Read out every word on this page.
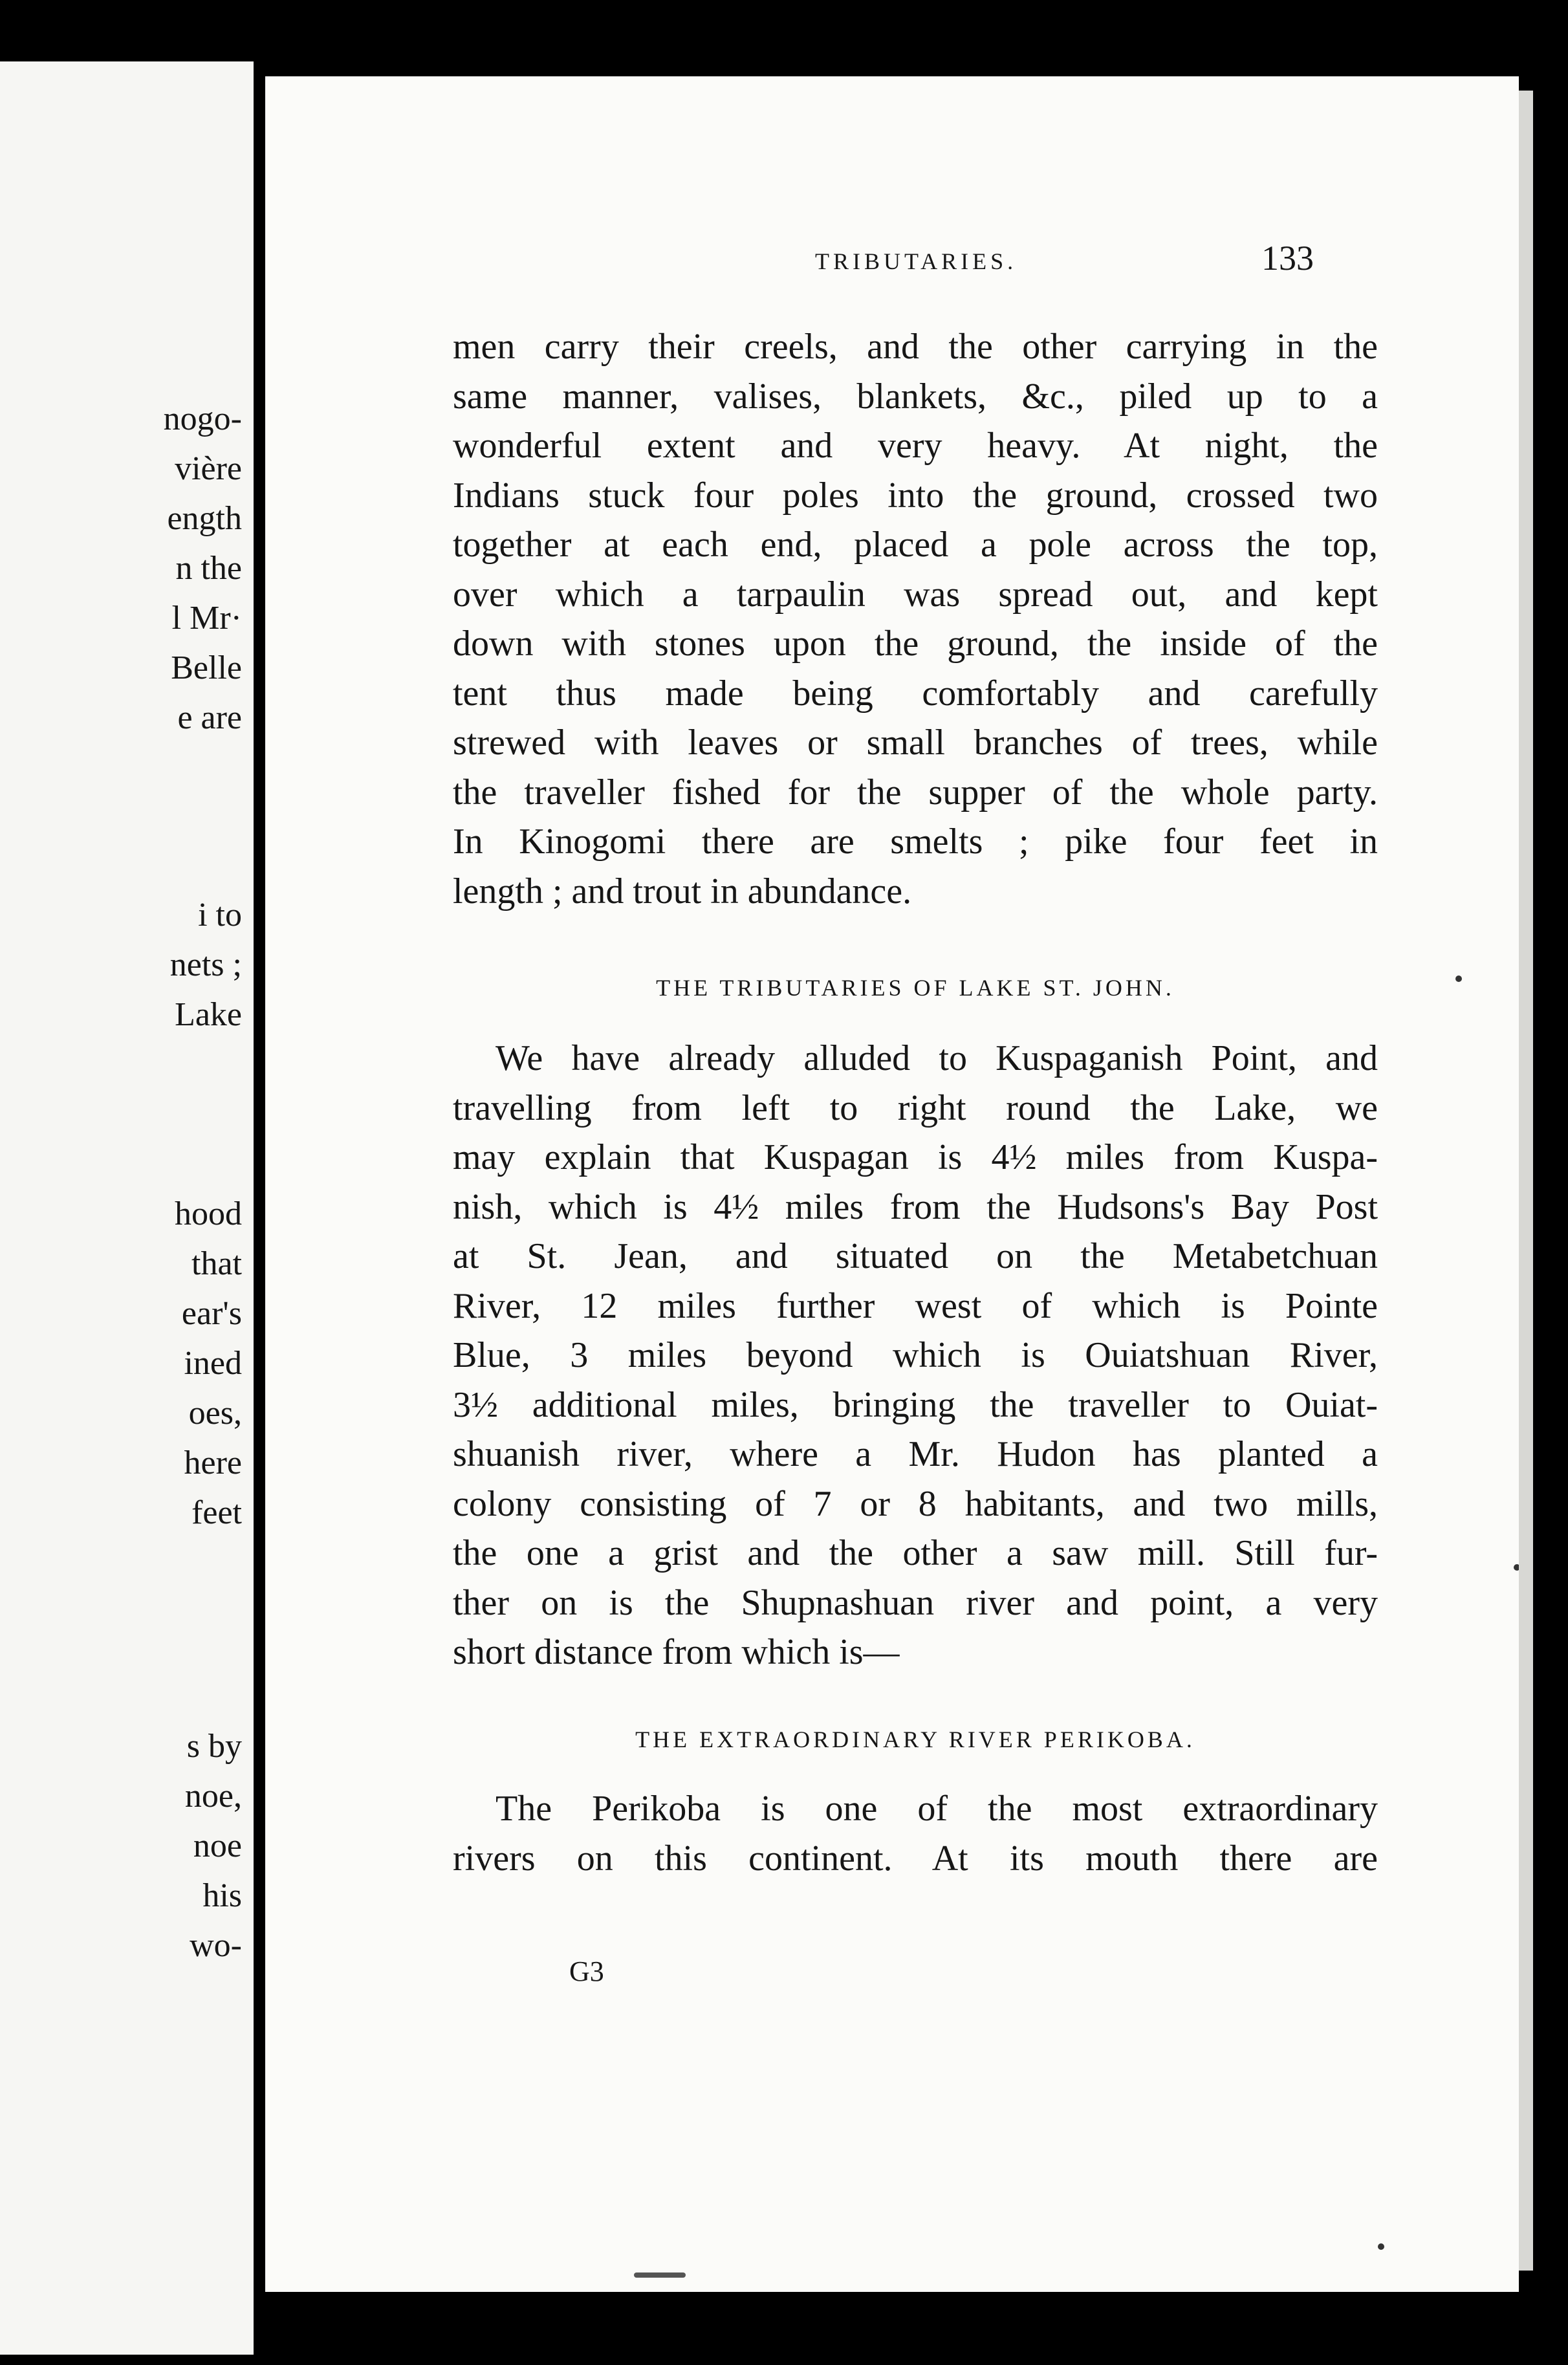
nogo-
vière
ength
n the
l Mr·
Belle
e are
i to
nets ;
Lake
hood
that
ear's
ined
oes,
here
feet
s by
noe,
noe
his
wo-
TRIBUTARIES.	133
men carry their creels, and the other carrying in the
same manner, valises, blankets, &c., piled up to a
wonderful extent and very heavy. At night, the
Indians stuck four poles into the ground, crossed two
together at each end, placed a pole across the top,
over which a tarpaulin was spread out, and kept
down with stones upon the ground, the inside of the
tent thus made being comfortably and carefully
strewed with leaves or small branches of trees, while
the traveller fished for the supper of the whole party.
In Kinogomi there are smelts ; pike four feet in
length ; and trout in abundance.
THE TRIBUTARIES OF LAKE ST. JOHN.
We have already alluded to Kuspaganish Point, and
travelling from left to right round the Lake, we
may explain that Kuspagan is 4½ miles from Kuspa-
nish, which is 4½ miles from the Hudsons's Bay Post
at St. Jean, and situated on the Metabetchuan
River, 12 miles further west of which is Pointe
Blue, 3 miles beyond which is Ouiatshuan River,
3½ additional miles, bringing the traveller to Ouiat-
shuanish river, where a Mr. Hudon has planted a
colony consisting of 7 or 8 habitants, and two mills,
the one a grist and the other a saw mill. Still fur-
ther on is the Shupnashuan river and point, a very
short distance from which is—
THE EXTRAORDINARY RIVER PERIKOBA.
The Perikoba is one of the most extraordinary
rivers on this continent. At its mouth there are
G3
